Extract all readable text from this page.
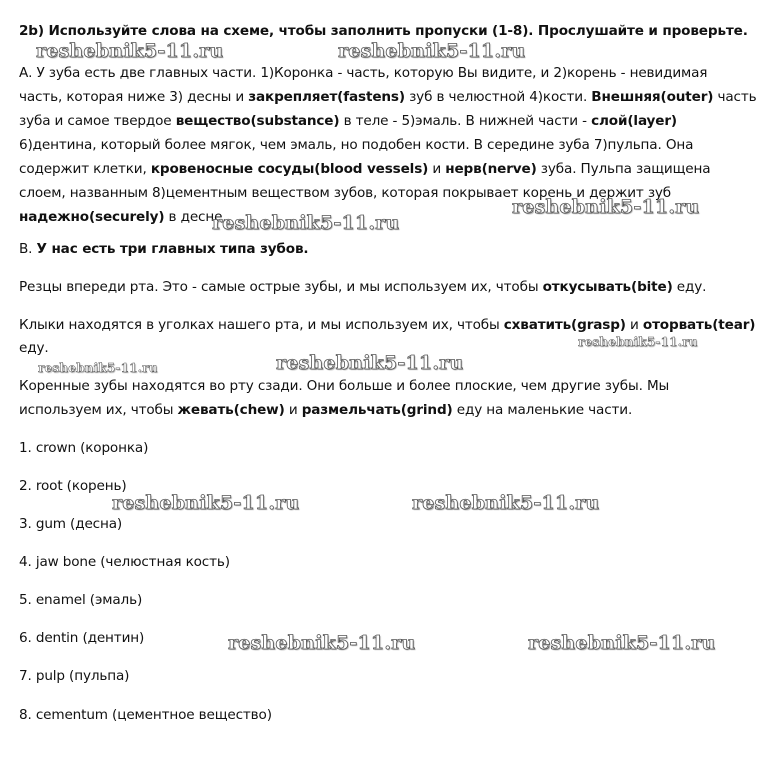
2b) Используйте слова на схеме, чтобы заполнить пропуски (1-8). Прослушайте и проверьте.
А. У зуба есть две главных части. 1)Коронка - часть, которую Вы видите, и 2)корень - невидимая
часть, которая ниже 3) десны и закрепляет(fastens) зуб в челюстной 4)кости. Внешняя(outer) часть
зуба и самое твердое вещество(substance) в теле - 5)эмаль. В нижней части - слой(layer)
6)дентина, который более мягок, чем эмаль, но подобен кости. В середине зуба 7)пульпа. Она
содержит клетки, кровеносные сосуды(blood vessels) и нерв(nerve) зуба. Пульпа защищена
слоем, названным 8)цементным веществом зубов, которая покрывает корень и держит зуб
надежно(securely) в десне.
В. У нас есть три главных типа зубов.
Резцы впереди рта. Это - самые острые зубы, и мы используем их, чтобы откусывать(bite) еду.
Клыки находятся в уголках нашего рта, и мы используем их, чтобы схватить(grasp) и оторвать(tear)
еду.
Коренные зубы находятся во рту сзади. Они больше и более плоские, чем другие зубы. Мы
используем их, чтобы жевать(chew) и размельчать(grind) еду на маленькие части.
1. crown (коронка)
2. root (корень)
3. gum (десна)
4. jaw bone (челюстная кость)
5. enamel (эмаль)
6. dentin (дентин)
7. pulp (пульпа)
8. cementum (цементное вещество)
reshebnik5-11.ru	reshebnik5-11.ru
reshebnik5-11.ru
reshebnik5-11.ru
reshebnik5-11.ru	reshebnik5-11.ru
reshebnik5-11.ru
reshebnik5-11.ru	reshebnik5-11.ru
reshebnik5-11.ru	reshebnik5-11.ru
